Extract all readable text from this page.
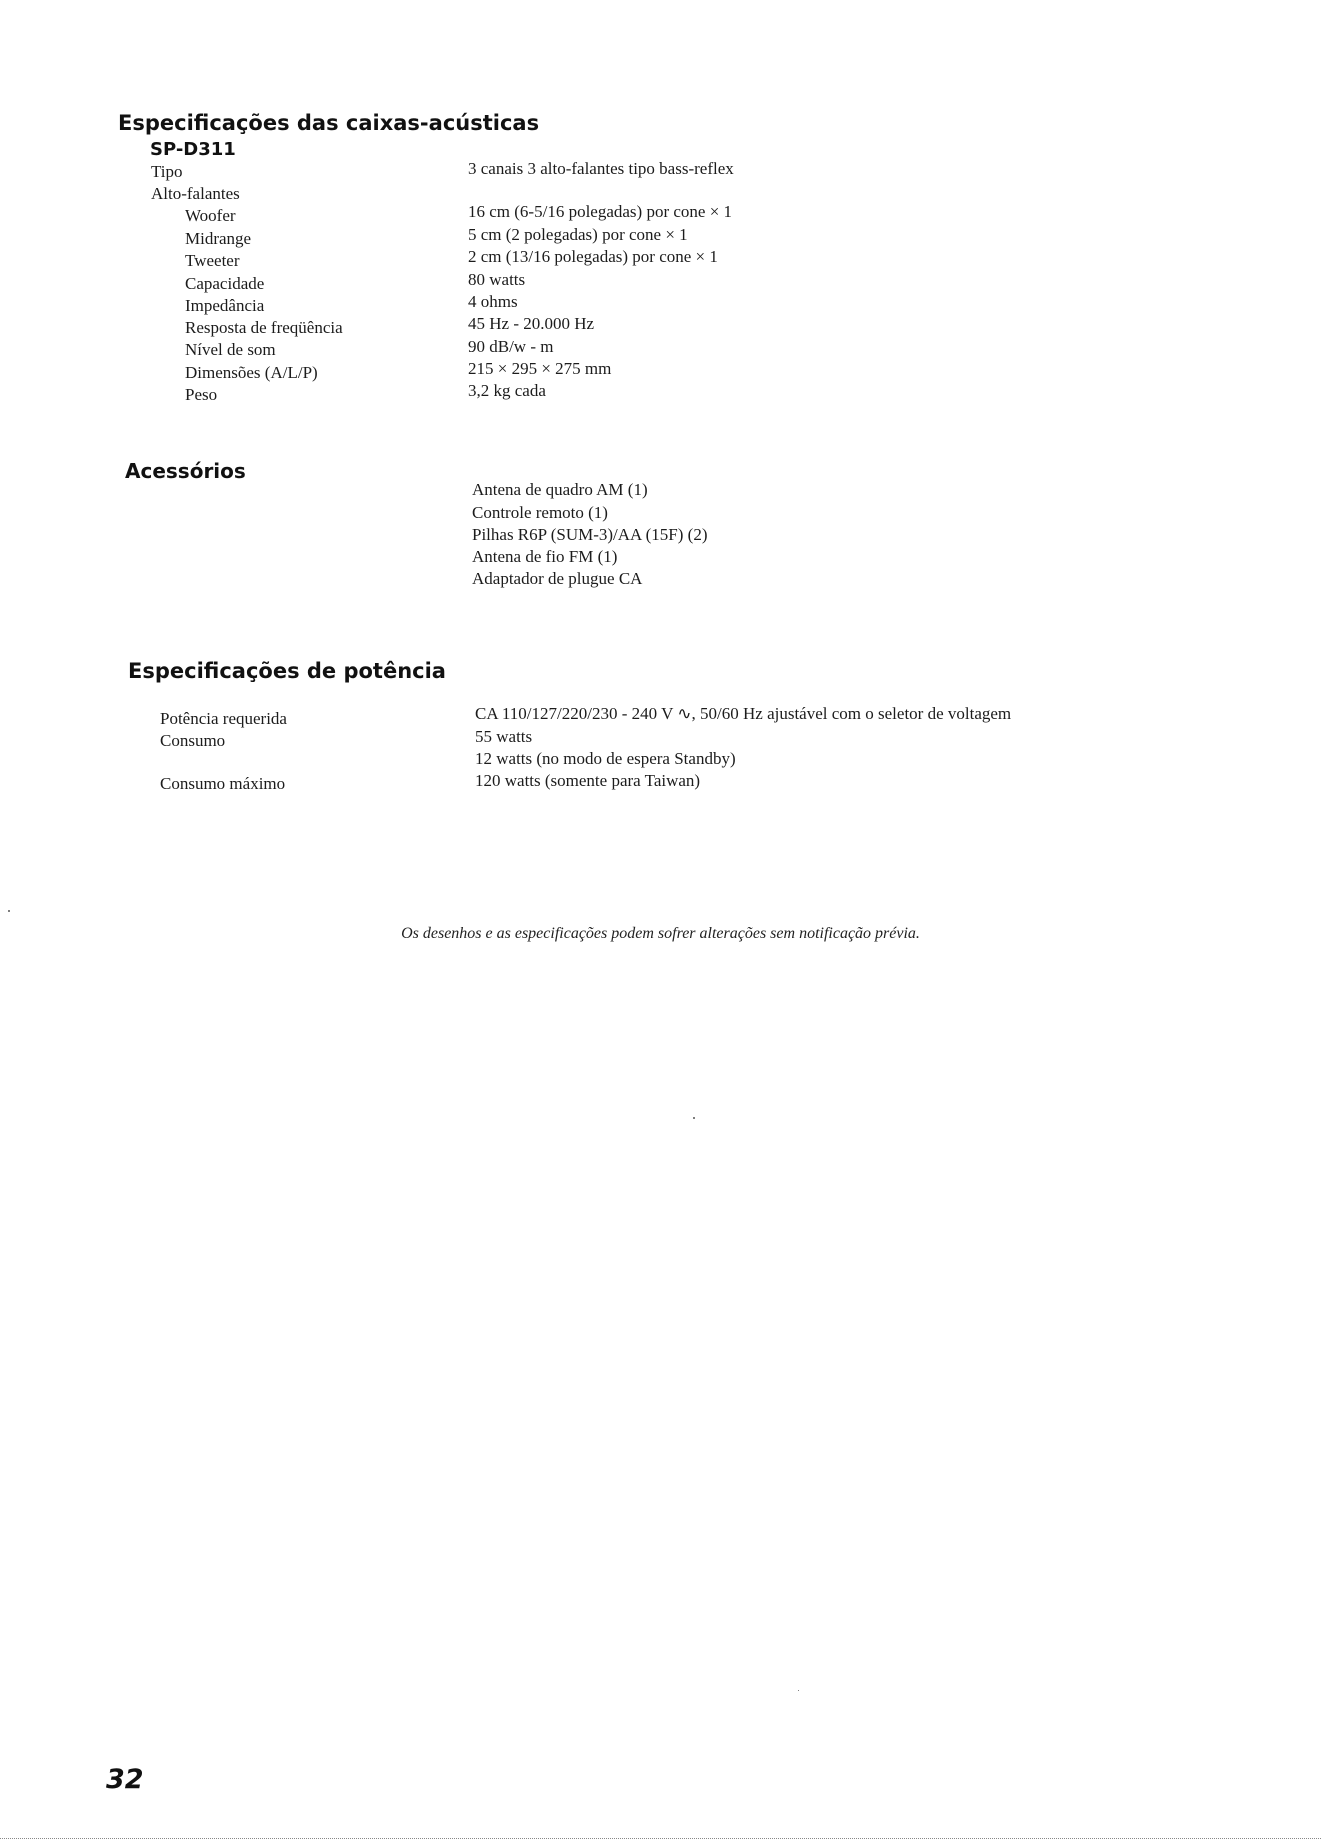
Especificações das caixas-acústicas
SP-D311
Tipo	3 canais 3 alto-falantes tipo bass-reflex
Alto-falantes
Woofer	16 cm (6-5/16 polegadas) por cone × 1
Midrange	5 cm (2 polegadas) por cone × 1
Tweeter	2 cm (13/16 polegadas) por cone × 1
Capacidade	80 watts
Impedância	4 ohms
Resposta de freqüência	45 Hz - 20.000 Hz
Nível de som	90 dB/w - m
Dimensões (A/L/P)	215 × 295 × 275 mm
Peso	3,2 kg cada
Acessórios
Antena de quadro AM (1)
Controle remoto (1)
Pilhas R6P (SUM-3)/AA (15F) (2)
Antena de fio FM (1)
Adaptador de plugue CA
Especificações de potência
Potência requerida	CA 110/127/220/230 - 240 V ∿, 50/60 Hz ajustável com o seletor de voltagem
Consumo	55 watts
12 watts (no modo de espera Standby)
Consumo máximo	120 watts (somente para Taiwan)
Os desenhos e as especificações podem sofrer alterações sem notificação prévia.
32
